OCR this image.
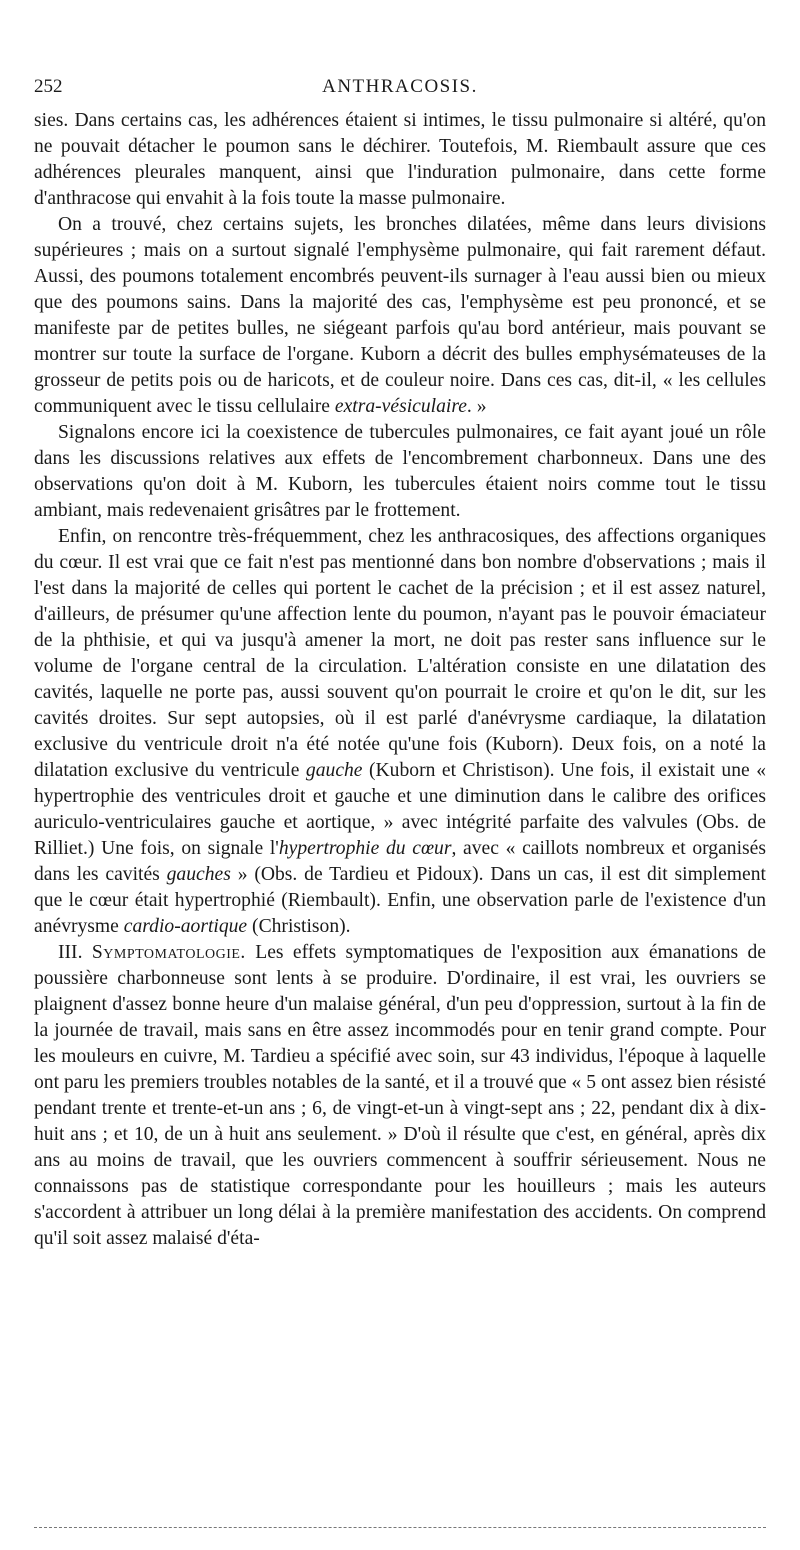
252	ANTHRACOSIS.

sies. Dans certains cas, les adhérences étaient si intimes, le tissu pulmonaire si altéré, qu'on ne pouvait détacher le poumon sans le déchirer. Toutefois, M. Riembault assure que ces adhérences pleurales manquent, ainsi que l'induration pulmonaire, dans cette forme d'anthracose qui envahit à la fois toute la masse pulmonaire.

On a trouvé, chez certains sujets, les bronches dilatées, même dans leurs divisions supérieures ; mais on a surtout signalé l'emphysème pulmonaire, qui fait rarement défaut. Aussi, des poumons totalement encombrés peuvent-ils surnager à l'eau aussi bien ou mieux que des poumons sains. Dans la majorité des cas, l'emphysème est peu prononcé, et se manifeste par de petites bulles, ne siégeant parfois qu'au bord antérieur, mais pouvant se montrer sur toute la surface de l'organe. Kuborn a décrit des bulles emphysémateuses de la grosseur de petits pois ou de haricots, et de couleur noire. Dans ces cas, dit-il, « les cellules communiquent avec le tissu cellulaire extra-vésiculaire. »

Signalons encore ici la coexistence de tubercules pulmonaires, ce fait ayant joué un rôle dans les discussions relatives aux effets de l'encombrement charbonneux. Dans une des observations qu'on doit à M. Kuborn, les tubercules étaient noirs comme tout le tissu ambiant, mais redevenaient grisâtres par le frottement.

Enfin, on rencontre très-fréquemment, chez les anthracosiques, des affections organiques du cœur. Il est vrai que ce fait n'est pas mentionné dans bon nombre d'observations ; mais il l'est dans la majorité de celles qui portent le cachet de la précision ; et il est assez naturel, d'ailleurs, de présumer qu'une affection lente du poumon, n'ayant pas le pouvoir émaciateur de la phthisie, et qui va jusqu'à amener la mort, ne doit pas rester sans influence sur le volume de l'organe central de la circulation. L'altération consiste en une dilatation des cavités, laquelle ne porte pas, aussi souvent qu'on pourrait le croire et qu'on le dit, sur les cavités droites. Sur sept autopsies, où il est parlé d'anévrysme cardiaque, la dilatation exclusive du ventricule droit n'a été notée qu'une fois (Kuborn). Deux fois, on a noté la dilatation exclusive du ventricule gauche (Kuborn et Christison). Une fois, il existait une « hypertrophie des ventricules droit et gauche et une diminution dans le calibre des orifices auriculo-ventriculaires gauche et aortique, » avec intégrité parfaite des valvules (Obs. de Rilliet.) Une fois, on signale l'hypertrophie du cœur, avec « caillots nombreux et organisés dans les cavités gauches » (Obs. de Tardieu et Pidoux). Dans un cas, il est dit simplement que le cœur était hypertrophié (Riembault). Enfin, une observation parle de l'existence d'un anévrysme cardio-aortique (Christison).

III. Symptomatologie. Les effets symptomatiques de l'exposition aux émanations de poussière charbonneuse sont lents à se produire. D'ordinaire, il est vrai, les ouvriers se plaignent d'assez bonne heure d'un malaise général, d'un peu d'oppression, surtout à la fin de la journée de travail, mais sans en être assez incommodés pour en tenir grand compte. Pour les mouleurs en cuivre, M. Tardieu a spécifié avec soin, sur 43 individus, l'époque à laquelle ont paru les premiers troubles notables de la santé, et il a trouvé que « 5 ont assez bien résisté pendant trente et trente-et-un ans ; 6, de vingt-et-un à vingt-sept ans ; 22, pendant dix à dix-huit ans ; et 10, de un à huit ans seulement. » D'où il résulte que c'est, en général, après dix ans au moins de travail, que les ouvriers commencent à souffrir sérieusement. Nous ne connaissons pas de statistique correspondante pour les houilleurs ; mais les auteurs s'accordent à attribuer un long délai à la première manifestation des accidents. On comprend qu'il soit assez malaisé d'éta-
